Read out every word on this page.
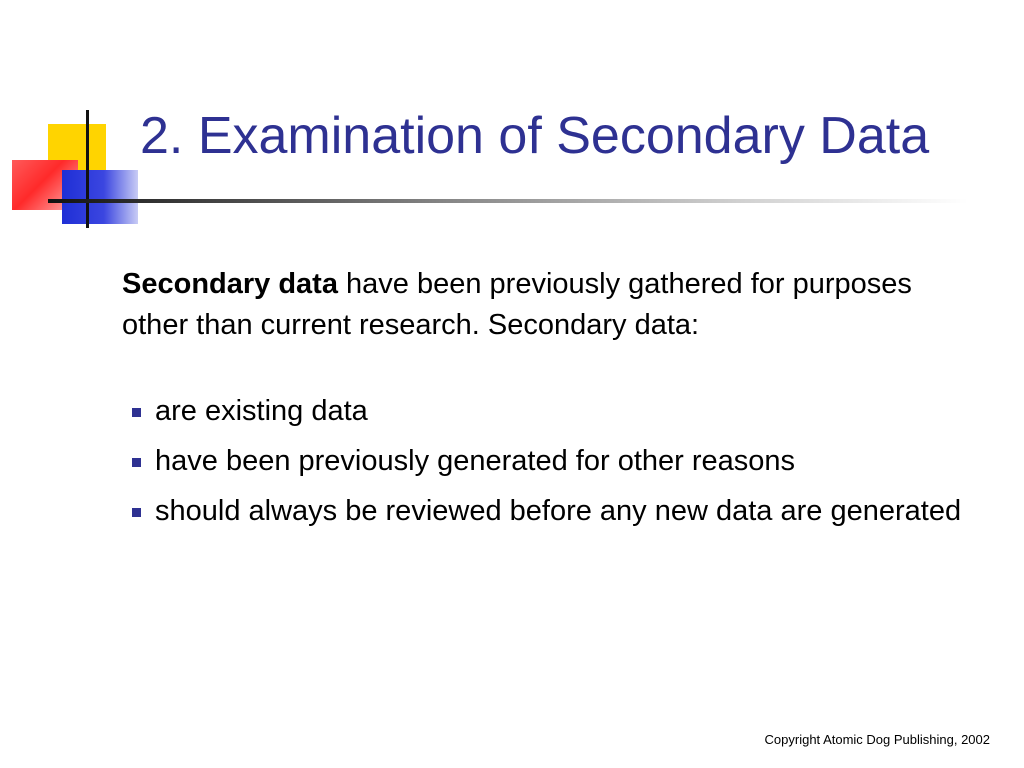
2. Examination of Secondary Data

Secondary data have been previously gathered for purposes other than current research. Secondary data:

are existing data
have been previously generated for other reasons
should always be reviewed before any new data are generated

Copyright Atomic Dog Publishing, 2002
